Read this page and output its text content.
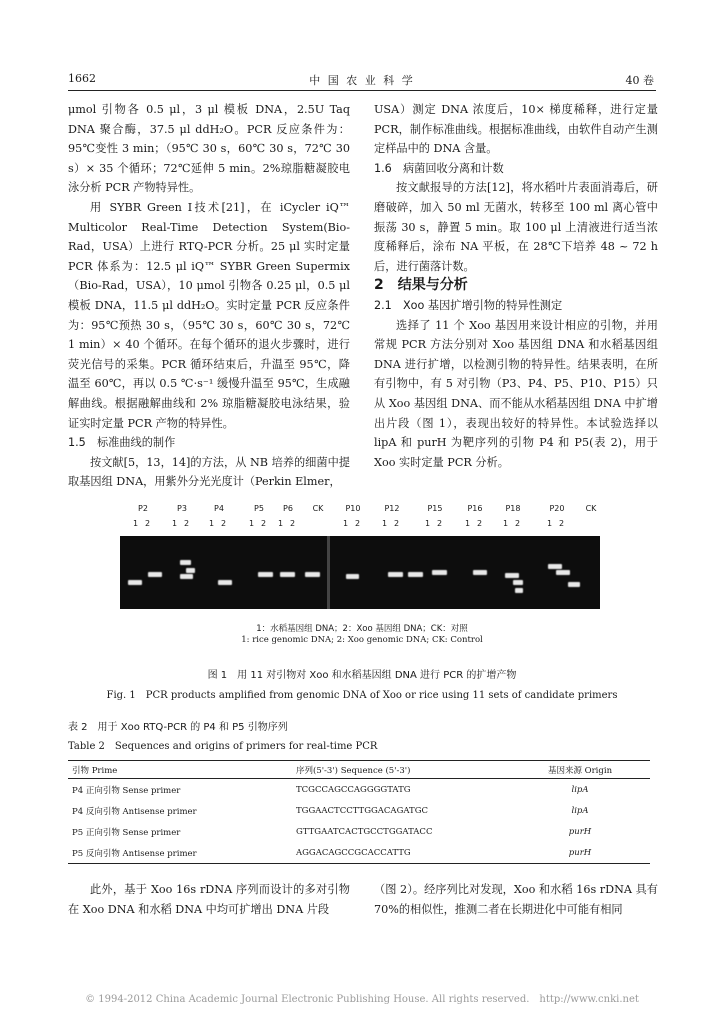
1662	中 国 农 业 科 学	40 卷

μmol 引物各 0.5 μl，3 μl 模板 DNA，2.5U Taq DNA 聚合酶，37.5 μl ddH₂O。PCR 反应条件为：95℃变性 3 min；（95℃ 30 s，60℃ 30 s，72℃ 30 s）× 35 个循环；72℃延伸 5 min。2%琼脂糖凝胶电泳分析 PCR 产物特异性。

用 SYBR Green Ⅰ技术[21]，在 iCycler iQ™ Multicolor Real-Time Detection System(Bio-Rad，USA）上进行 RTQ-PCR 分析。25 μl 实时定量 PCR 体系为：12.5 μl iQ™ SYBR Green Supermix（Bio-Rad，USA），10 μmol 引物各 0.25 μl，0.5 μl 模板 DNA，11.5 μl ddH₂O。实时定量 PCR 反应条件为：95℃预热 30 s，（95℃ 30 s，60℃ 30 s，72℃ 1 min）× 40 个循环。在每个循环的退火步骤时，进行荧光信号的采集。PCR 循环结束后，升温至 95℃，降温至 60℃，再以 0.5 ℃·s⁻¹ 缓慢升温至 95℃，生成融解曲线。根据融解曲线和 2% 琼脂糖凝胶电泳结果，验证实时定量 PCR 产物的特异性。

1.5　标准曲线的制作

按文献[5，13，14]的方法，从 NB 培养的细菌中提取基因组 DNA，用紫外分光光度计（Perkin Elmer，

USA）测定 DNA 浓度后，10× 梯度稀释，进行定量 PCR，制作标准曲线。根据标准曲线，由软件自动产生测定样品中的 DNA 含量。

1.6　病菌回收分离和计数

按文献报导的方法[12]，将水稻叶片表面消毒后，研磨破碎，加入 50 ml 无菌水，转移至 100 ml 离心管中振荡 30 s，静置 5 min。取 100 μl 上清液进行适当浓度稀释后，涂布 NA 平板，在 28℃下培养 48 ~ 72 h 后，进行菌落计数。

2　结果与分析

2.1　Xoo 基因扩增引物的特异性测定

选择了 11 个 Xoo 基因用来设计相应的引物，并用常规 PCR 方法分别对 Xoo 基因组 DNA 和水稻基因组 DNA 进行扩增，以检测引物的特异性。结果表明，在所有引物中，有 5 对引物（P3、P4、P5、P10、P15）只从 Xoo 基因组 DNA、而不能从水稻基因组 DNA 中扩增出片段（图 1），表现出较好的特异性。本试验选择以 lipA 和 purH 为靶序列的引物 P4 和 P5(表 2)，用于 Xoo 实时定量 PCR 分析。

P2	P3	P4	P5	P6	CK	P10	P12	P15	P16	P18	P20	CK
1 2	1 2 1 2	1 2 1 2	1 2	1 2	1 2	1 2	1 2	1 2
1：水稻基因组 DNA；2：Xoo 基因组 DNA；CK：对照
1: rice genomic DNA; 2: Xoo genomic DNA; CK: Control
图 1　用 11 对引物对 Xoo 和水稻基因组 DNA 进行 PCR 的扩增产物
Fig. 1　PCR products amplified from genomic DNA of Xoo or rice using 11 sets of candidate primers
表 2　用于 Xoo RTQ-PCR 的 P4 和 P5 引物序列
Table 2　Sequences and origins of primers for real-time PCR
引物 Prime	序列(5'-3') Sequence (5'-3')	基因来源 Origin
P4 正向引物 Sense primer	TCGCCAGCCAGGGGTATG	lipA
P4 反向引物 Antisense primer	TGGAACTCCTTGGACAGATGC	lipA
P5 正向引物 Sense primer	GTTGAATCACTGCCTGGATACC	purH
P5 反向引物 Antisense primer	AGGACAGCCGCACCATTG	purH

此外，基于 Xoo 16s rDNA 序列而设计的多对引物在 Xoo DNA 和水稻 DNA 中均可扩增出 DNA 片段

（图 2）。经序列比对发现，Xoo 和水稻 16s rDNA 具有 70%的相似性，推测二者在长期进化中可能有相同

© 1994-2012 China Academic Journal Electronic Publishing House. All rights reserved.　http://www.cnki.net
